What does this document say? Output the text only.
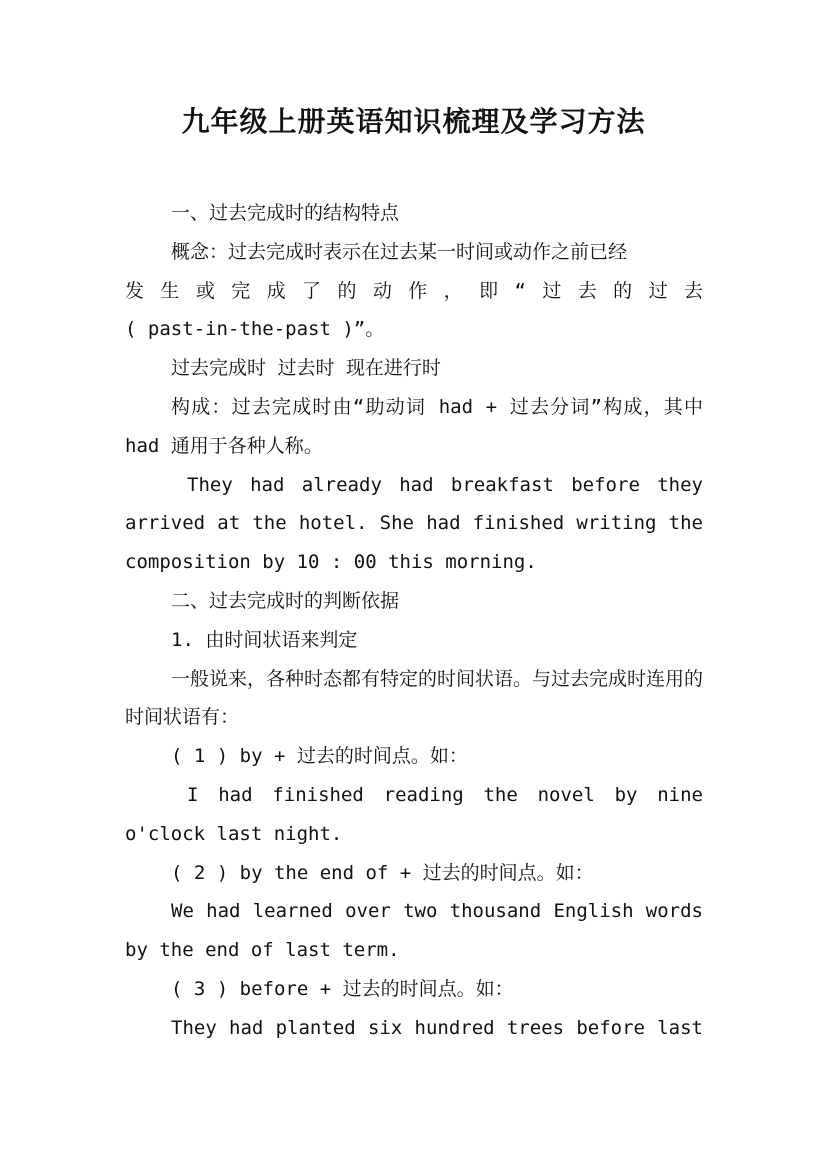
九年级上册英语知识梳理及学习方法

一、过去完成时的结构特点

概念：过去完成时表示在过去某一时间或动作之前已经

发生或完成了的动作，即“过去的过去

( past-in-the-past )”。

过去完成时 过去时 现在进行时

构成：过去完成时由“助动词 had + 过去分词”构成，其中 had 通用于各种人称。

They had already had breakfast before they arrived at the hotel. She had finished writing the composition by 10 : 00 this morning.

二、过去完成时的判断依据

1. 由时间状语来判定

一般说来，各种时态都有特定的时间状语。与过去完成时连用的时间状语有：

( 1 ) by + 过去的时间点。如：

I had finished reading the novel by nine o'clock last night.

( 2 ) by the end of + 过去的时间点。如：

We had learned over two thousand English words by the end of last term.

( 3 ) before + 过去的时间点。如：

They had planted six hundred trees before last
